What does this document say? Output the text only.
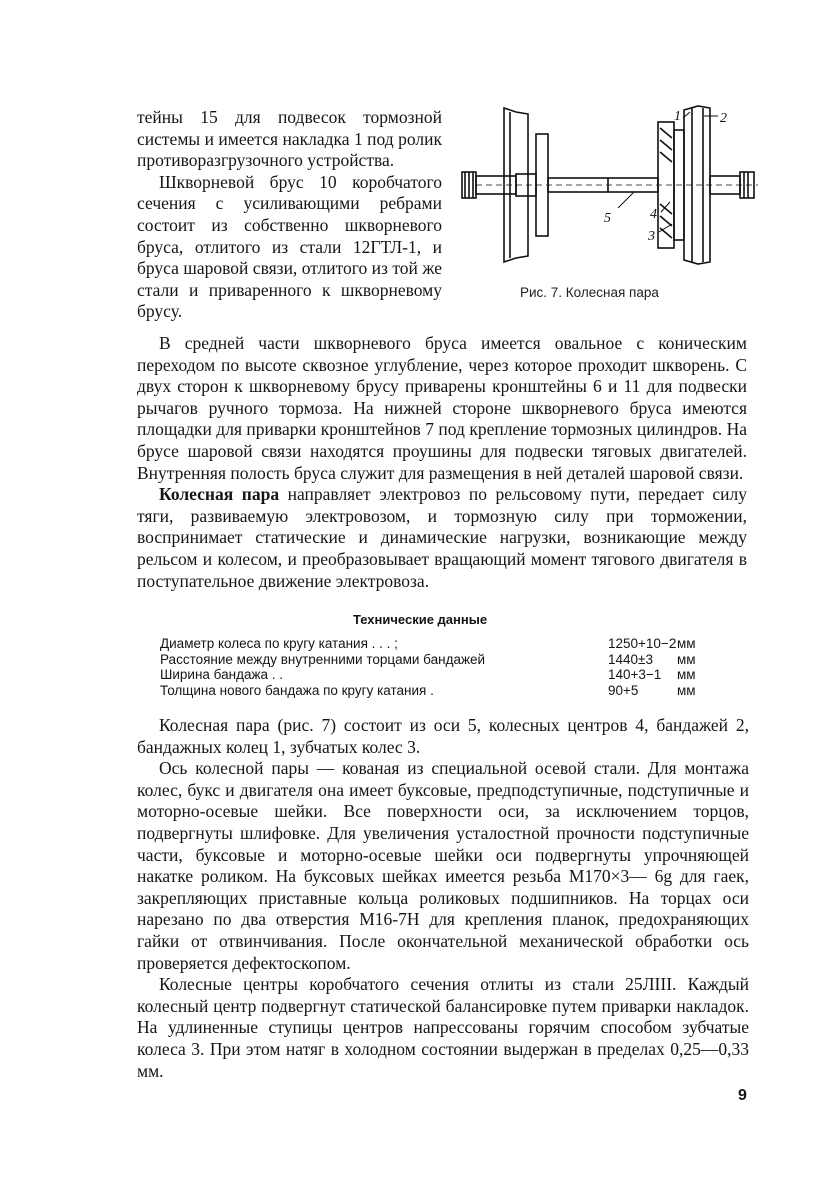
тейны 15 для подвесок тормозной системы и имеется накладка 1 под ролик противоразгрузочного устройства.

Шкворневой брус 10 коробчатого сечения с усиливающими ребрами состоит из собственно шкворневого бруса, отлитого из стали 12ГТЛ-1, и бруса шаровой связи, отлитого из той же стали и приваренного к шкворневому брусу.

1	2
5	4
3
Рис. 7. Колесная пара

В средней части шкворневого бруса имеется овальное с коническим переходом по высоте сквозное углубление, через которое проходит шкворень. С двух сторон к шкворневому брусу приварены кронштейны 6 и 11 для подвески рычагов ручного тормоза. На нижней стороне шкворневого бруса имеются площадки для приварки кронштейнов 7 под крепление тормозных цилиндров. На брусе шаровой связи находятся проушины для подвески тяговых двигателей. Внутренняя полость бруса служит для размещения в ней деталей шаровой связи.

Колесная пара направляет электровоз по рельсовому пути, передает силу тяги, развиваемую электровозом, и тормозную силу при торможении, воспринимает статические и динамические нагрузки, возникающие между рельсом и колесом, и преобразовывает вращающий момент тягового двигателя в поступательное движение электровоза.

Технические данные
Диаметр колеса по кругу катания . . . ;	1250+10−2 мм
Расстояние между внутренними торцами бандажей	1440±3 мм
Ширина бандажа . .	140+3−1 мм
Толщина нового бандажа по кругу катания .	90+5	мм

Колесная пара (рис. 7) состоит из оси 5, колесных центров 4, бандажей 2, бандажных колец 1, зубчатых колес 3.

Ось колесной пары — кованая из специальной осевой стали. Для монтажа колес, букс и двигателя она имеет буксовые, предподступичные, подступичные и моторно-осевые шейки. Все поверхности оси, за исключением торцов, подвергнуты шлифовке. Для увеличения усталостной прочности подступичные части, буксовые и моторно-осевые шейки оси подвергнуты упрочняющей накатке роликом. На буксовых шейках имеется резьба M170×3— 6g для гаек, закрепляющих приставные кольца роликовых подшипников. На торцах оси нарезано по два отверстия M16-7H для крепления планок, предохраняющих гайки от отвинчивания. После окончательной механической обработки ось проверяется дефектоскопом.

Колесные центры коробчатого сечения отлиты из стали 25ЛIII. Каждый колесный центр подвергнут статической балансировке путем приварки накладок. На удлиненные ступицы центров напрессованы горячим способом зубчатые колеса 3. При этом натяг в холодном состоянии выдержан в пределах 0,25—0,33 мм.

9
